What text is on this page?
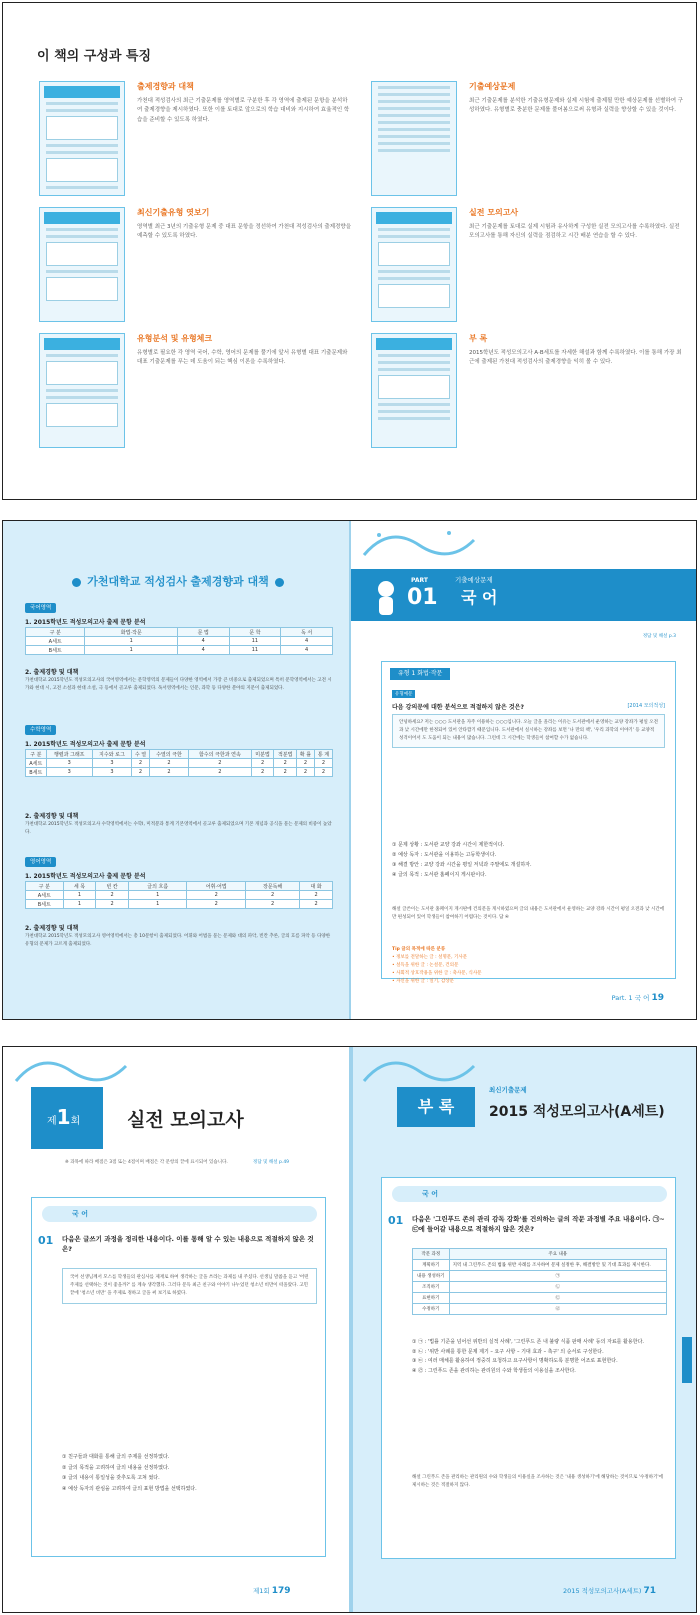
이 책의 구성과 특징
출제경향과 대책
가천대 적성검사의 최근 기출문제를 영역별로 구분한 후 각 영역에 출제된 문항을 분석하여 출제경향을 제시하였다. 또한 이를 토대로 앞으로의 학습 대비와 지시하여 효율적인 학습을 준비할 수 있도록 하였다.
기출예상문제
최근 기출문제를 분석한 기출유형문제와 실제 시험에 출제될 만한 예상문제를 선별하여 구성하였다. 유형별로 충분한 문제를 풀어봄으로써 유형과 실력을 향상할 수 있을 것이다.
최신기출유형 엿보기
영역별 최근 3년의 기출유형 문제 중 대표 문항을 정선하여 가천대 적성검사의 출제경향을 예측할 수 있도록 하였다.
실전 모의고사
최근 기출문제를 토대로 실제 시험과 유사하게 구성한 실전 모의고사를 수록하였다. 실전 모의고사를 통해 자신의 실력을 점검하고 시간 배분 연습을 할 수 있다.
유형분석 및 유형체크
유형별로 필요한 각 영역 국어, 수학, 영어의 문제를 풀기에 앞서 유형별 대표 기출문제와 대표 기출문제를 푸는 데 도움이 되는 핵심 이론을 수록하였다.
부 록
2015학년도 적성모의고사 A·B세트를 자세한 해설과 함께 수록하였다. 이를 통해 가장 최근에 출제된 가천대 적성검사의 출제경향을 익히 볼 수 있다.
가천대학교 적성검사 출제경향과 대책
국어영역
1. 2015학년도 적성모의고사 출제 문항 분석
구 분	화법·작문	문 법	문 학	독 서
A세트	1	4	11	4
B세트	1	4	11	4
2. 출제경향 및 대책
가천대학교 2015학년도 적성모의고사의 국어영역에서는 문학영역의 문제들이 다양한 영역에서 가장 큰 비중으로 출제되었으며 특히 문학영역에서는 고전 시가와 현대 시, 고전 소설과 현대 소설, 극 등에서 골고루 출제되었다. 독서영역에서는 인문, 과학 등 다양한 분야의 지문이 출제되었다.
수학영역
1. 2015학년도 적성모의고사 출제 문항 분석
구 분	행렬과 그래프	지수와 로그	수 열	수열의 극한	함수의 극한과 연속	미분법	적분법	확 률	통 계
A세트	3	3	2	2	2	2	2	2	2
B세트	3	3	2	2	2	2	2	2	2
2. 출제경향 및 대책
가천대학교 2015학년도 적성모의고사 수학영역에서는 수학Ⅰ, 미적분과 통계 기본영역에서 골고루 출제되었으며 기본 개념과 공식을 묻는 문제의 비중이 높았다.
영어영역
1. 2015학년도 적성모의고사 출제 문항 분석
구 분	세 목	빈 칸	글의 흐름	어휘·어법	장문독해	대 화
A세트	1	2	1	2	2	2
B세트	1	2	1	2	2	2
2. 출제경향 및 대책
가천대학교 2015학년도 적성모의고사 영어영역에서는 총 10문항이 출제되었다. 어휘와 어법을 묻는 문제와 대의 파악, 빈칸 추론, 글의 흐름 파악 등 다양한 유형의 문제가 고르게 출제되었다.
PART
01
기출예상문제
국 어
정답 및 해설 p.3
유형 1 화법·작문
유형예문
다음 강의문에 대한 분석으로 적절하지 않은 것은?	[2014 모의적성]
안녕하세요? 저는 ○○○ 도서관을 자주 이용하는 ○○○입니다. 오늘 글을 올리는 이유는 도서관에서 운영하는 교양 강좌가 평일 오전과 낮 시간에만 한정되어 있어 안타깝기 때문입니다. 도서관에서 실시하는 강좌를 보면 '나 만의 책', '우리 과학의 이야기' 등 교양적 성격이어서 도 도움이 되는 내용이 많습니다. 그런데 그 시간에는 학생들이 참여할 수가 없습니다.
① 문제 상황 : 도서관 교양 강좌 시간이 제한적이다.
② 예상 독자 : 도서관을 이용하는 고등학생이다.
③ 해결 방안 : 교양 강좌 시간을 평일 저녁과 주말에도 개설하자.
④ 글의 목적 : 도서관 홈페이지 게시판이다.
해설 글쓴이는 도서관 홈페이지 게시판에 건의문을 게시하였으며 글의 내용은 도서관에서 운영하는 교양 강좌 시간이 평일 오전과 낮 시간에만 편성되어 있어 학생들이 참여하기 어렵다는 것이다. 답 ④
Tip 글의 목적에 따른 분류
• 정보를 전달하는 글 : 설명문, 기사문
• 설득을 위한 글 : 논설문, 건의문
• 사회적 상호작용을 위한 글 : 축사문, 식사문
• 자신을 위한 글 : 일기, 감상문
Part. 1 국 어 19
제1회 실전 모의고사
정답 및 해설 p.49
※ 과목에 따라 배점은 3점 또는 4점이며 배점은 각 문항의 끝에 표시되어 있습니다.
국 어
01 다음은 글쓰기 과정을 정리한 내용이다. 이를 통해 알 수 있는 내용으로 적절하지 않은 것은?
국어 선생님께서 모스를 학생들의 관심사를 제재로 하여 생각하는 글을 쓰라는 과제를 내 주셨다. 선생님 말씀을 듣고 '어떤 주제를 선택하는 것이 좋을까?' 를 계속 생각했다. 그러다 문득 최근 친구와 이야기 나누었던 청소년 비만이 떠올랐다. 고민 끝에 '청소년 비만' 을 주제로 정하고 글을 써 보기로 하였다.
① 친구들과 대화를 통해 글의 주제를 선정하였다.
② 글의 목적을 고려하여 글의 내용을 선정하였다.
③ 글의 내용이 통일성을 갖추도록 고쳐 썼다.
④ 예상 독자의 관심을 고려하여 글의 표현 방법을 선택하였다.
제1회 179
부 록
최신기출문제
2015 적성모의고사(A세트)
국 어
01 다음은 '그린푸드 존의 관리 감독 강화'를 건의하는 글의 작문 과정별 주요 내용이다. ㉠~㉢에 들어갈 내용으로 적절하지 않은 것은?
작문 과정	주요 내용
계획하기	지역 내 그린푸드 존의 법률 위반 사례를 조사하여 문제 실정한 후, 해결방안 및 기대 효과를 제시한다.
내용 생성하기	㉠
조직하기	㉡
표현하기	㉢
수정하기	㉣
① ㉠ : '법률 기준을 넘어선 위반의 실적 사례', '그린푸드 존 내 불량 식품 판매 사례' 등의 자료를 활용한다.
② ㉡ : '위반 사례를 통한 문제 제기 – 요구 사항 – 기대 효과 – 촉구' 의 순서로 구성한다.
③ ㉢ : 여러 매체를 활용하여 정중히 요청하고 요구사항이 명확하도록 분명한 어조로 표현한다.
④ ㉣ : 그린푸드 존을 관리하는 관리원의 수와 학생들의 이용실을 조사한다.
해설 그린푸드 존을 관리하는 관리원의 수와 학생들의 이용실을 조사하는 것은 '내용 생성하기'에 해당하는 것이므로 '수정하기'에 제시하는 것은 적절하지 않다.
2015 적성모의고사(A세트) 71
